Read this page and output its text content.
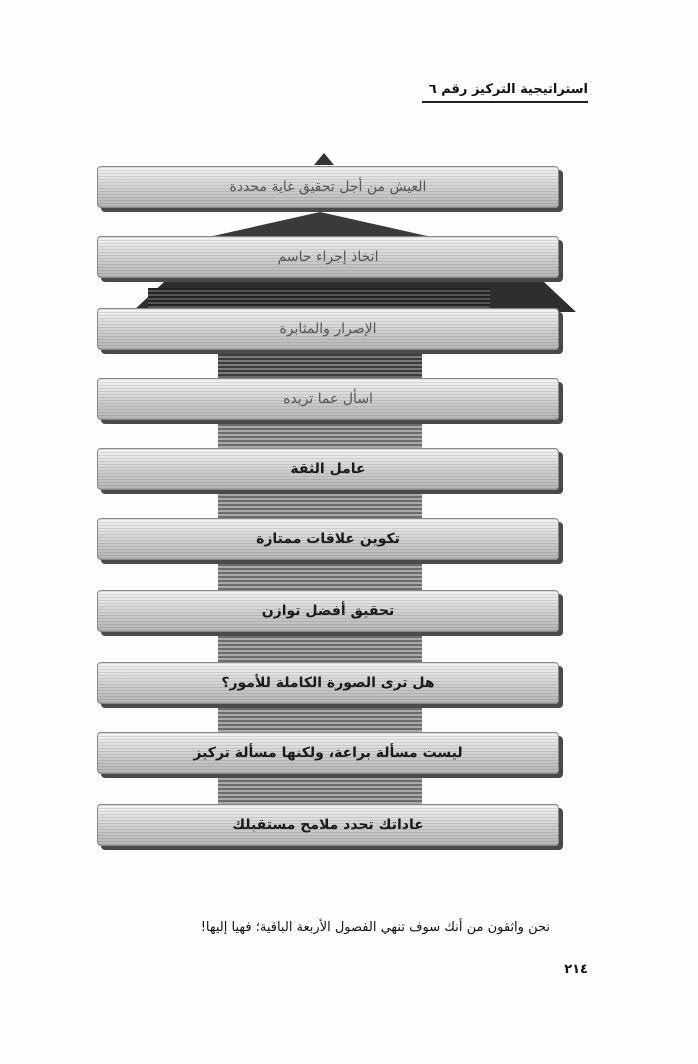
استراتيجية التركيز رقم ٦
العيش من أجل تحقيق غاية محددة
اتخاذ إجراء حاسم
الإصرار والمثابرة
اسأل عما تريده
عامل الثقة
تكوين علاقات ممتازة
تحقيق أفضل توازن
هل ترى الصورة الكاملة للأمور؟
ليست مسألة براعة، ولكنها مسألة تركيز
عاداتك تحدد ملامح مستقبلك
نحن واثقون من أنك سوف تنهي الفصول الأربعة الباقية؛ فهيا إليها!
٢١٤
